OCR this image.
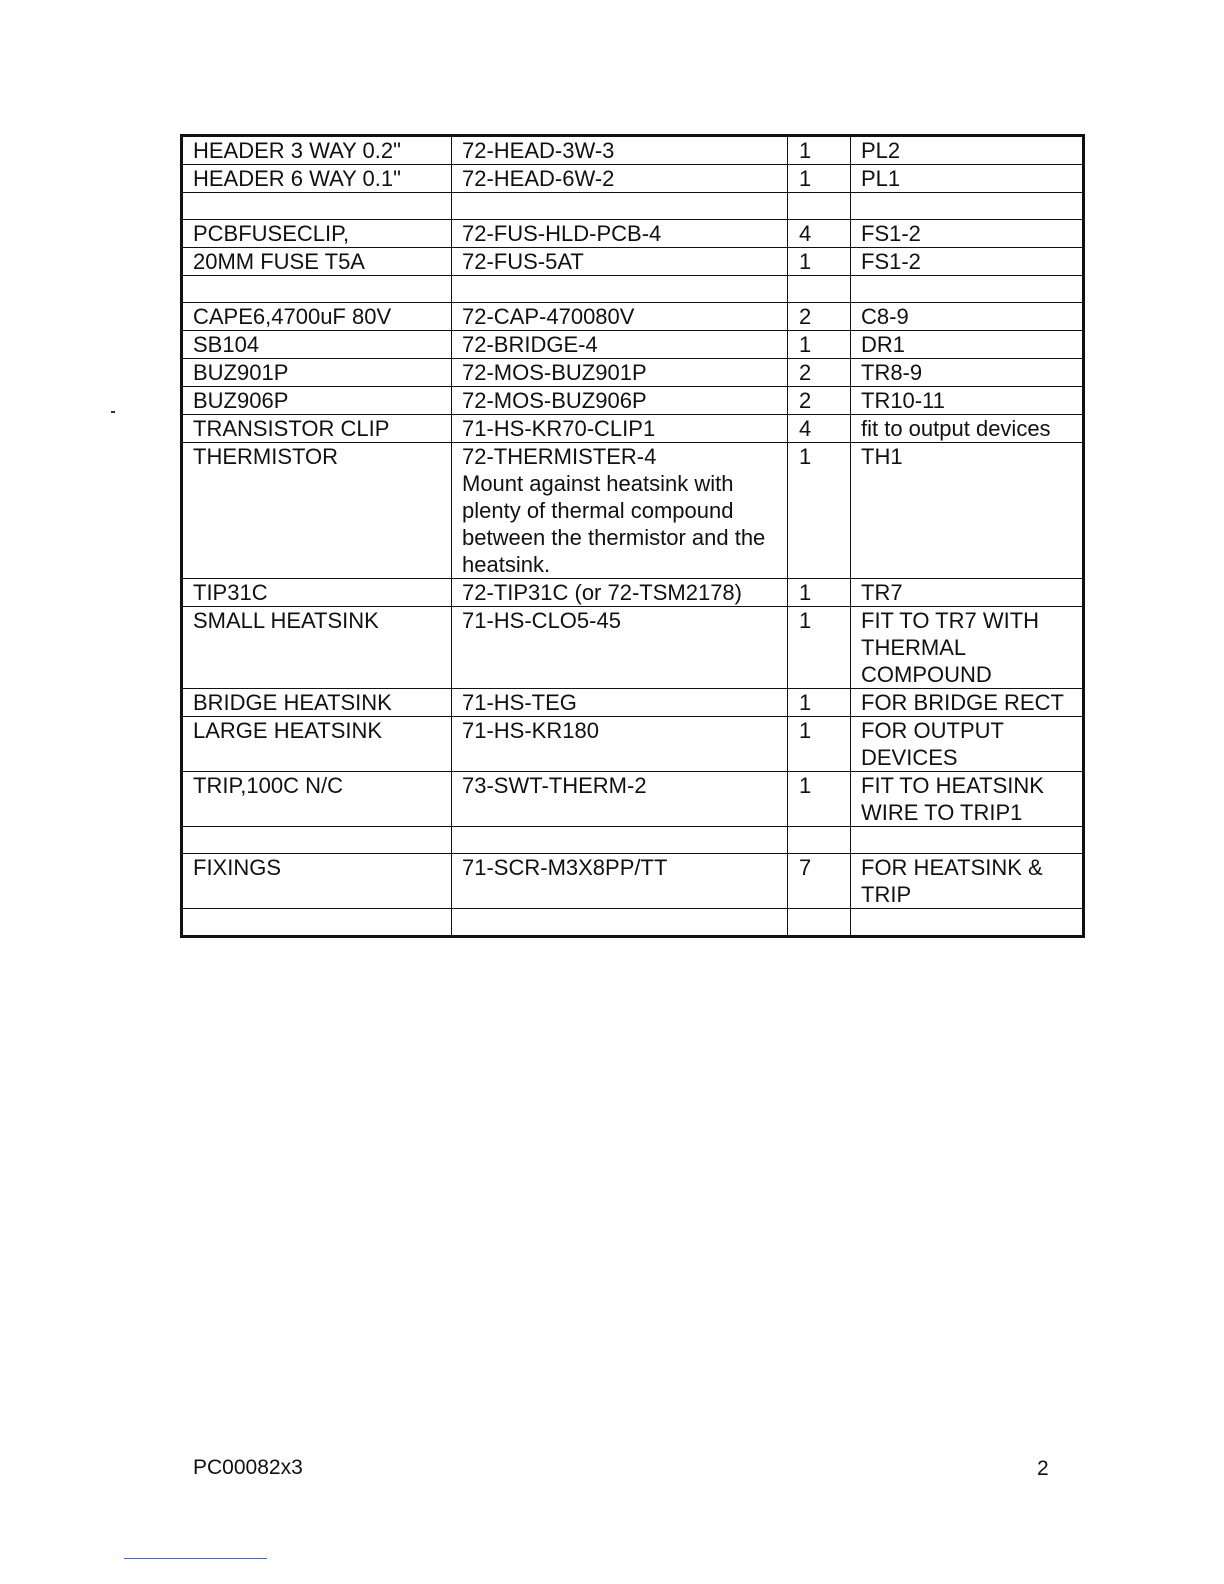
HEADER 3 WAY 0.2"	72-HEAD-3W-3	1	PL2
HEADER 6 WAY 0.1"	72-HEAD-6W-2	1	PL1

PCBFUSECLIP,	72-FUS-HLD-PCB-4	4	FS1-2
20MM FUSE T5A	72-FUS-5AT	1	FS1-2

CAPE6,4700uF 80V	72-CAP-470080V	2	C8-9
SB104	72-BRIDGE-4	1	DR1
BUZ901P	72-MOS-BUZ901P	2	TR8-9
BUZ906P	72-MOS-BUZ906P	2	TR10-11
TRANSISTOR CLIP	71-HS-KR70-CLIP1	4	fit to output devices
THERMISTOR	72-THERMISTER-4
Mount against heatsink with
plenty of thermal compound
between the thermistor and the
heatsink.	1	TH1
TIP31C	72-TIP31C (or 72-TSM2178)	1	TR7
SMALL HEATSINK	71-HS-CLO5-45	1	FIT TO TR7 WITH
THERMAL
COMPOUND
BRIDGE HEATSINK	71-HS-TEG	1	FOR BRIDGE RECT
LARGE HEATSINK	71-HS-KR180	1	FOR OUTPUT
DEVICES
TRIP,100C N/C	73-SWT-THERM-2	1	FIT TO HEATSINK
WIRE TO TRIP1

FIXINGS	71-SCR-M3X8PP/TT	7	FOR HEATSINK &
TRIP

PC00082x3	2
